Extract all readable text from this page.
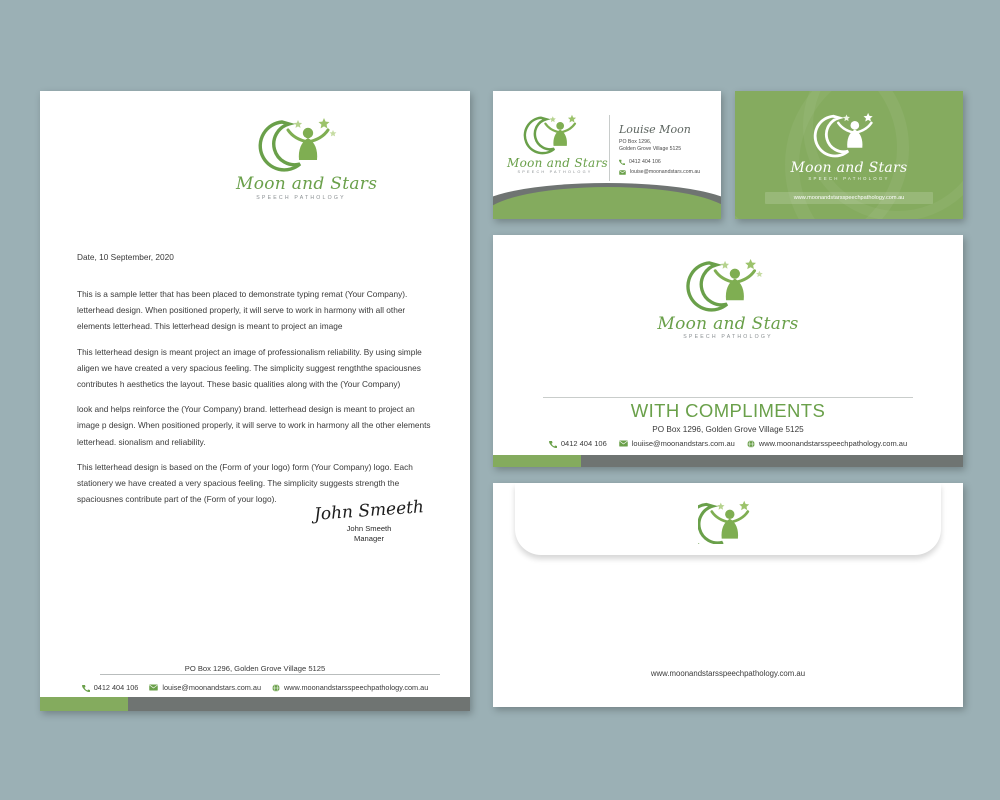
Moon and Stars
SPEECH PATHOLOGY
Date, 10 September, 2020

This is a sample letter that has been placed to demonstrate typing remat (Your Company). letterhead design. When positioned properly, it will serve to work in harmony with all other elements letterhead. This letterhead design is meant to project an image

This letterhead design is meant project an image of professionalism reliability. By using simple aligen we have created a very spacious feeling. The simplicity suggest rengththe spaciousnes contributes h aesthetics the layout. These basic qualities along with the (Your Company)

look and helps reinforce the (Your Company) brand. letterhead design is meant to project an image p design. When positioned properly, it will serve to work in harmony all the other elements letterhead. sionalism and reliability.

This letterhead design is based on the (Form of your logo) form (Your Company) logo. Each stationery we have created a very spacious feeling. The simplicity suggests strength the spaciousnes contribute part of the (Form of your logo).	John Smeeth
John Smeeth
Manager
PO Box 1296, Golden Grove Village 5125
0412 404 106	louise@moonandstars.com.au	www.moonandstarsspeechpathology.com.au
Moon and Stars
SPEECH PATHOLOGY
Louise Moon
PO Box 1296,
Golden Grove Village 5125
0412 404 106
louise@moonandstars.com.au	Moon and Stars
SPEECH PATHOLOGY
www.moonandstarsspeechpathology.com.au
Moon and Stars
SPEECH PATHOLOGY
WITH COMPLIMENTS
PO Box 1296, Golden Grove Village 5125
0412 404 106	louiise@moonandstars.com.au	www.moonandstarsspeechpathology.com.au
www.moonandstarsspeechpathology.com.au
